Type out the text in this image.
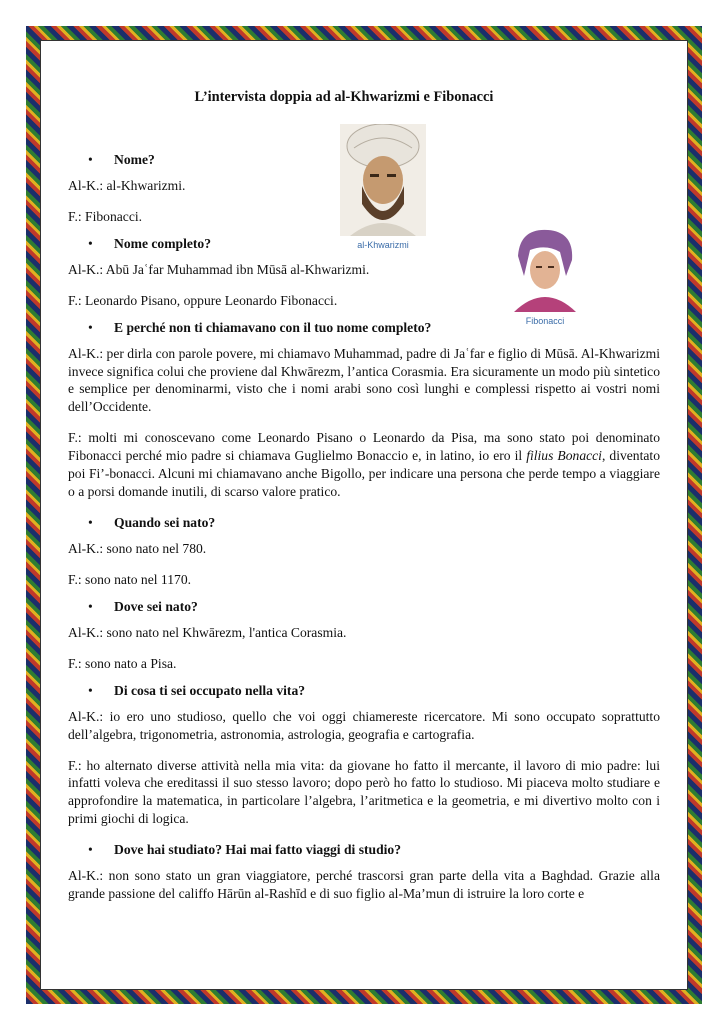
al-Khwarizmi
Fibonacci
L’intervista doppia ad al-Khwarizmi e Fibonacci
• Nome?

Al-K.: al-Khwarizmi.

F.: Fibonacci.

• Nome completo?

Al-K.: Abū Jaʿfar Muhammad ibn Mūsā al-Khwarizmi.

F.: Leonardo Pisano, oppure Leonardo Fibonacci.

• E perché non ti chiamavano con il tuo nome completo?

Al-K.: per dirla con parole povere, mi chiamavo Muhammad, padre di Jaʿfar e figlio di Mūsā. Al-Khwarizmi invece significa colui che proviene dal Khwārezm, l’antica Corasmia. Era sicuramente un modo più sintetico e semplice per denominarmi, visto che i nomi arabi sono così lunghi e complessi rispetto ai vostri nomi dell’Occidente.

F.: molti mi conoscevano come Leonardo Pisano o Leonardo da Pisa, ma sono stato poi denominato Fibonacci perché mio padre si chiamava Guglielmo Bonaccio e, in latino, io ero il filius Bonacci, diventato poi Fi’-bonacci. Alcuni mi chiamavano anche Bigollo, per indicare una persona che perde tempo a viaggiare o a porsi domande inutili, di scarso valore pratico.

• Quando sei nato?

Al-K.: sono nato nel 780.

F.: sono nato nel 1170.

• Dove sei nato?

Al-K.: sono nato nel Khwārezm, l'antica Corasmia.

F.: sono nato a Pisa.

• Di cosa ti sei occupato nella vita?

Al-K.: io ero uno studioso, quello che voi oggi chiamereste ricercatore. Mi sono occupato soprattutto dell’algebra, trigonometria, astronomia, astrologia, geografia e cartografia.

F.: ho alternato diverse attività nella mia vita: da giovane ho fatto il mercante, il lavoro di mio padre: lui infatti voleva che ereditassi il suo stesso lavoro; dopo però ho fatto lo studioso. Mi piaceva molto studiare e approfondire la matematica, in particolare l’algebra, l’aritmetica e la geometria, e mi divertivo molto con i primi giochi di logica.

• Dove hai studiato? Hai mai fatto viaggi di studio?

Al-K.: non sono stato un gran viaggiatore, perché trascorsi gran parte della vita a Baghdad. Grazie alla grande passione del califfo Hārūn al-Rashīd e di suo figlio al-Ma’mun di istruire la loro corte e
